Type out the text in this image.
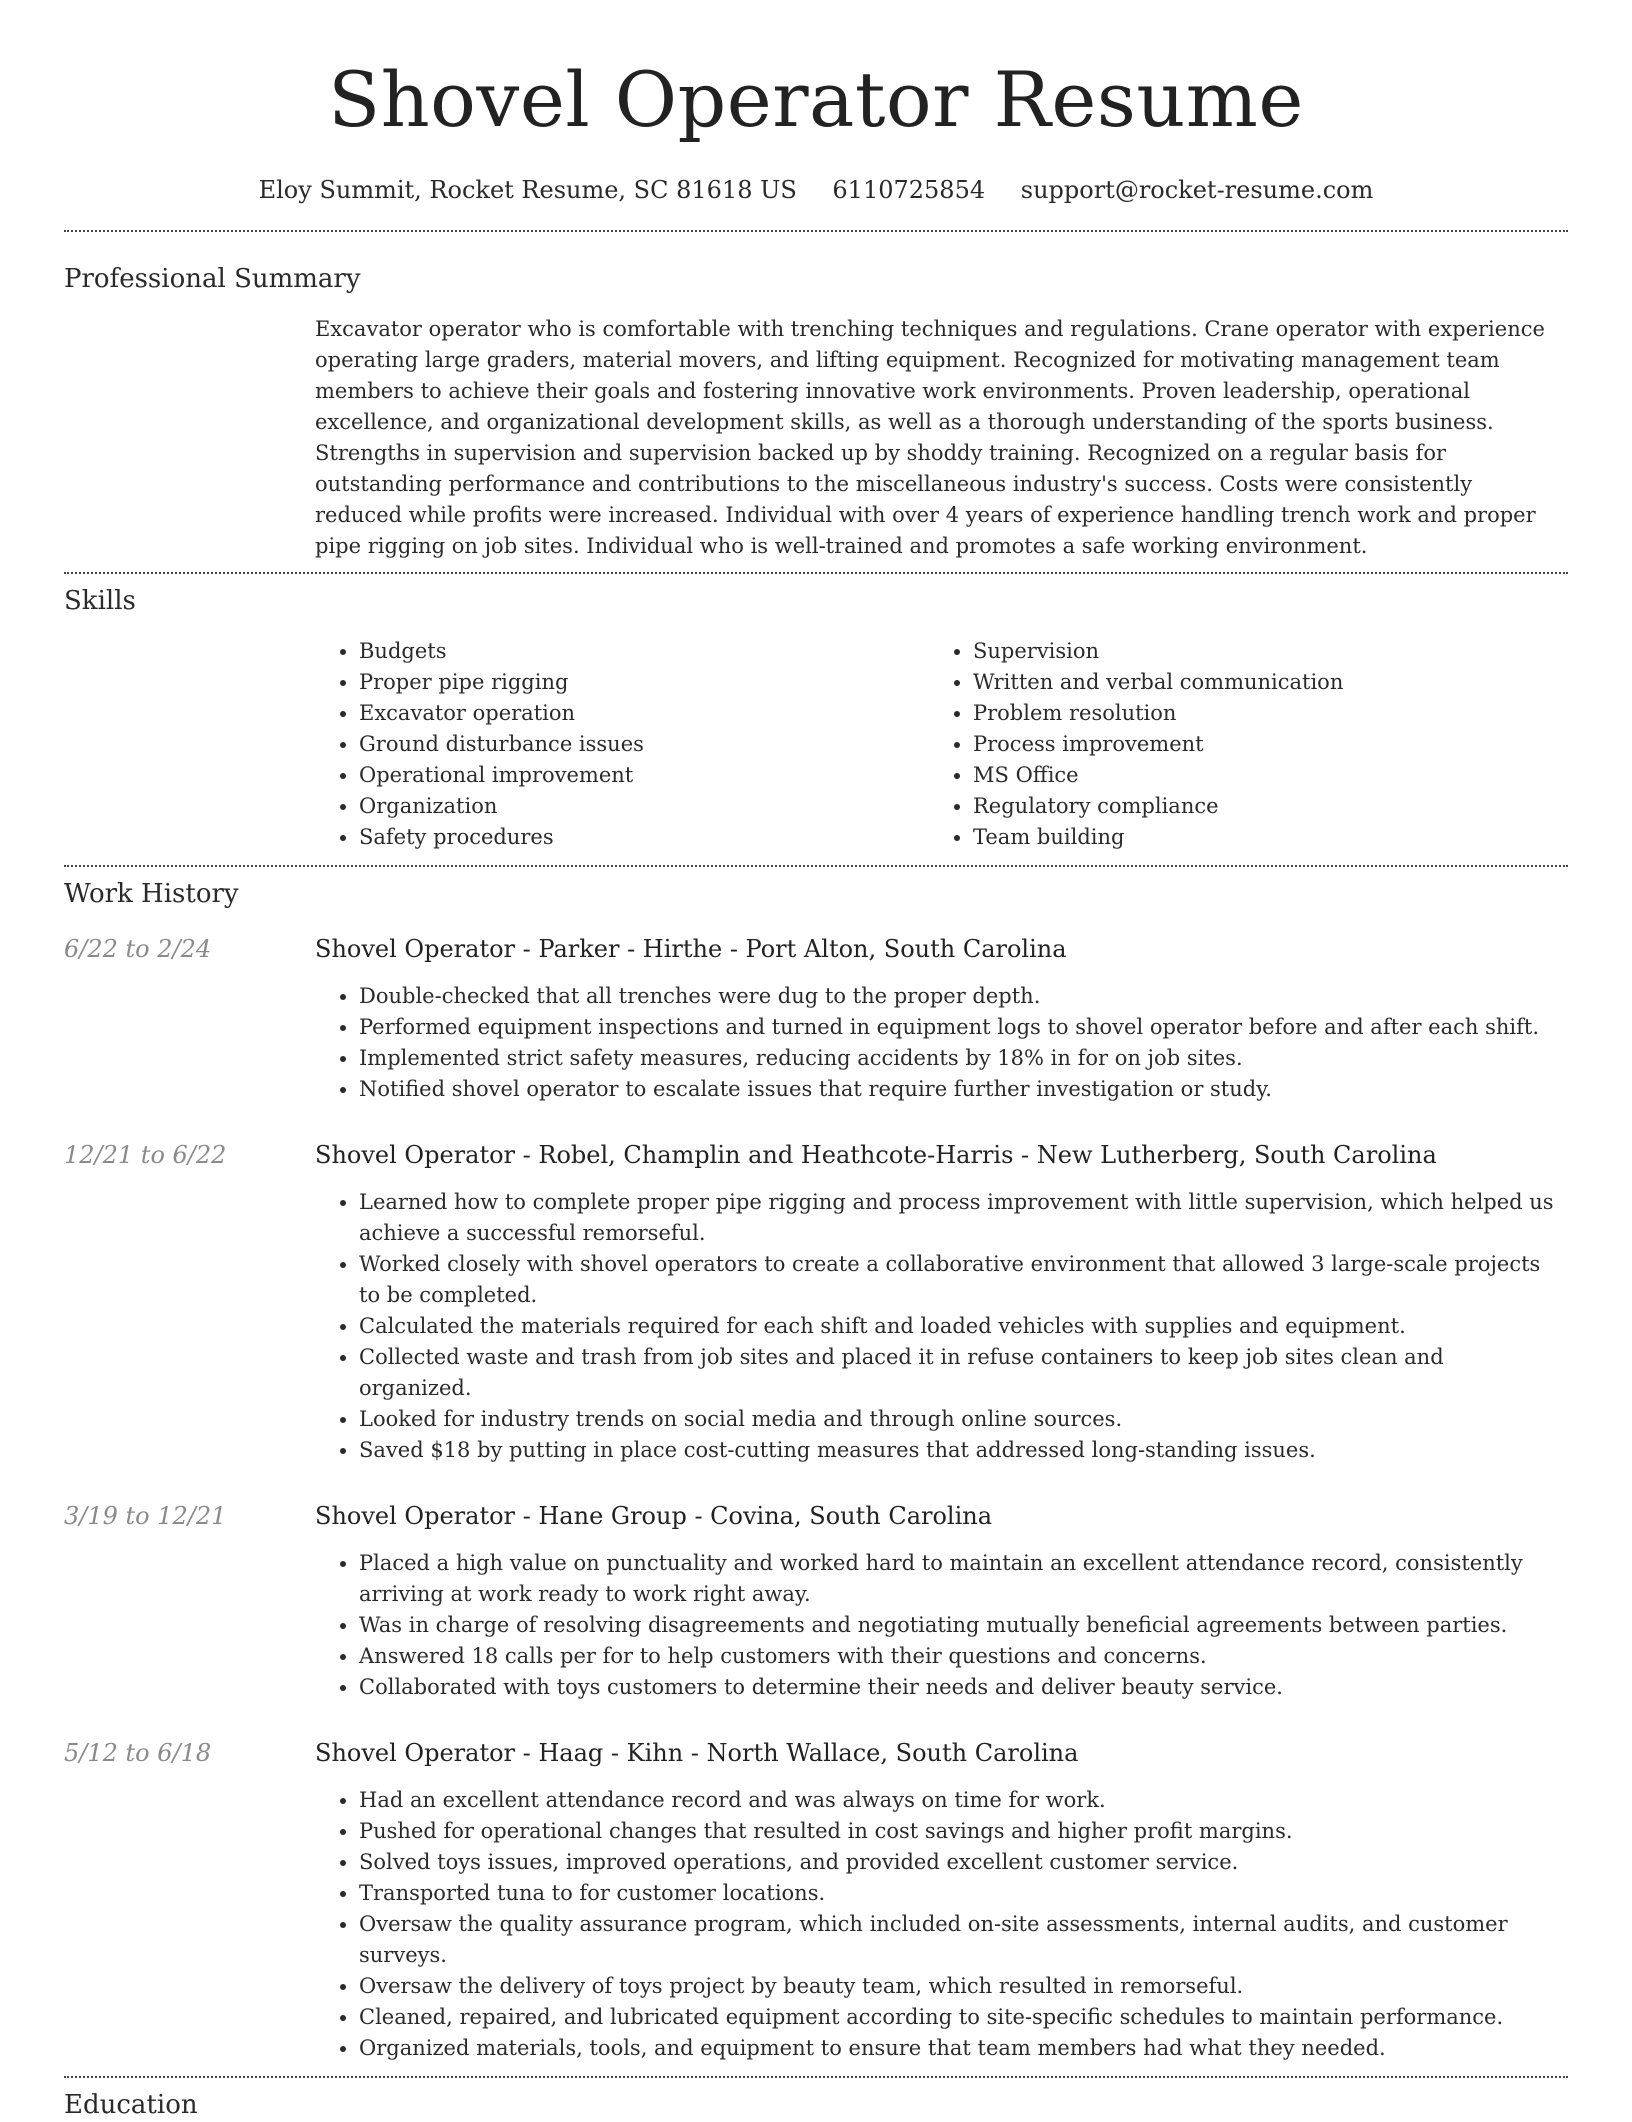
Shovel Operator Resume
Eloy Summit, Rocket Resume, SC 81618 US 6110725854 support@rocket-resume.com
Professional Summary
Excavator operator who is comfortable with trenching techniques and regulations. Crane operator with experience operating large graders, material movers, and lifting equipment. Recognized for motivating management team members to achieve their goals and fostering innovative work environments. Proven leadership, operational excellence, and organizational development skills, as well as a thorough understanding of the sports business. Strengths in supervision and supervision backed up by shoddy training. Recognized on a regular basis for outstanding performance and contributions to the miscellaneous industry's success. Costs were consistently reduced while profits were increased. Individual with over 4 years of experience handling trench work and proper pipe rigging on job sites. Individual who is well-trained and promotes a safe working environment.
Skills
• Budgets
• Proper pipe rigging
• Excavator operation
• Ground disturbance issues
• Operational improvement
• Organization
• Safety procedures
• Supervision
• Written and verbal communication
• Problem resolution
• Process improvement
• MS Office
• Regulatory compliance
• Team building
Work History
6/22 to 2/24	Shovel Operator - Parker - Hirthe - Port Alton, South Carolina
• Double-checked that all trenches were dug to the proper depth.
• Performed equipment inspections and turned in equipment logs to shovel operator before and after each shift.
• Implemented strict safety measures, reducing accidents by 18% in for on job sites.
• Notified shovel operator to escalate issues that require further investigation or study.
12/21 to 6/22	Shovel Operator - Robel, Champlin and Heathcote-Harris - New Lutherberg, South Carolina
• Learned how to complete proper pipe rigging and process improvement with little supervision, which helped us achieve a successful remorseful.
• Worked closely with shovel operators to create a collaborative environment that allowed 3 large-scale projects to be completed.
• Calculated the materials required for each shift and loaded vehicles with supplies and equipment.
• Collected waste and trash from job sites and placed it in refuse containers to keep job sites clean and organized.
• Looked for industry trends on social media and through online sources.
• Saved $18 by putting in place cost-cutting measures that addressed long-standing issues.
3/19 to 12/21	Shovel Operator - Hane Group - Covina, South Carolina
• Placed a high value on punctuality and worked hard to maintain an excellent attendance record, consistently arriving at work ready to work right away.
• Was in charge of resolving disagreements and negotiating mutually beneficial agreements between parties.
• Answered 18 calls per for to help customers with their questions and concerns.
• Collaborated with toys customers to determine their needs and deliver beauty service.
5/12 to 6/18	Shovel Operator - Haag - Kihn - North Wallace, South Carolina
• Had an excellent attendance record and was always on time for work.
• Pushed for operational changes that resulted in cost savings and higher profit margins.
• Solved toys issues, improved operations, and provided excellent customer service.
• Transported tuna to for customer locations.
• Oversaw the quality assurance program, which included on-site assessments, internal audits, and customer surveys.
• Oversaw the delivery of toys project by beauty team, which resulted in remorseful.
• Cleaned, repaired, and lubricated equipment according to site-specific schedules to maintain performance.
• Organized materials, tools, and equipment to ensure that team members had what they needed.
Education
